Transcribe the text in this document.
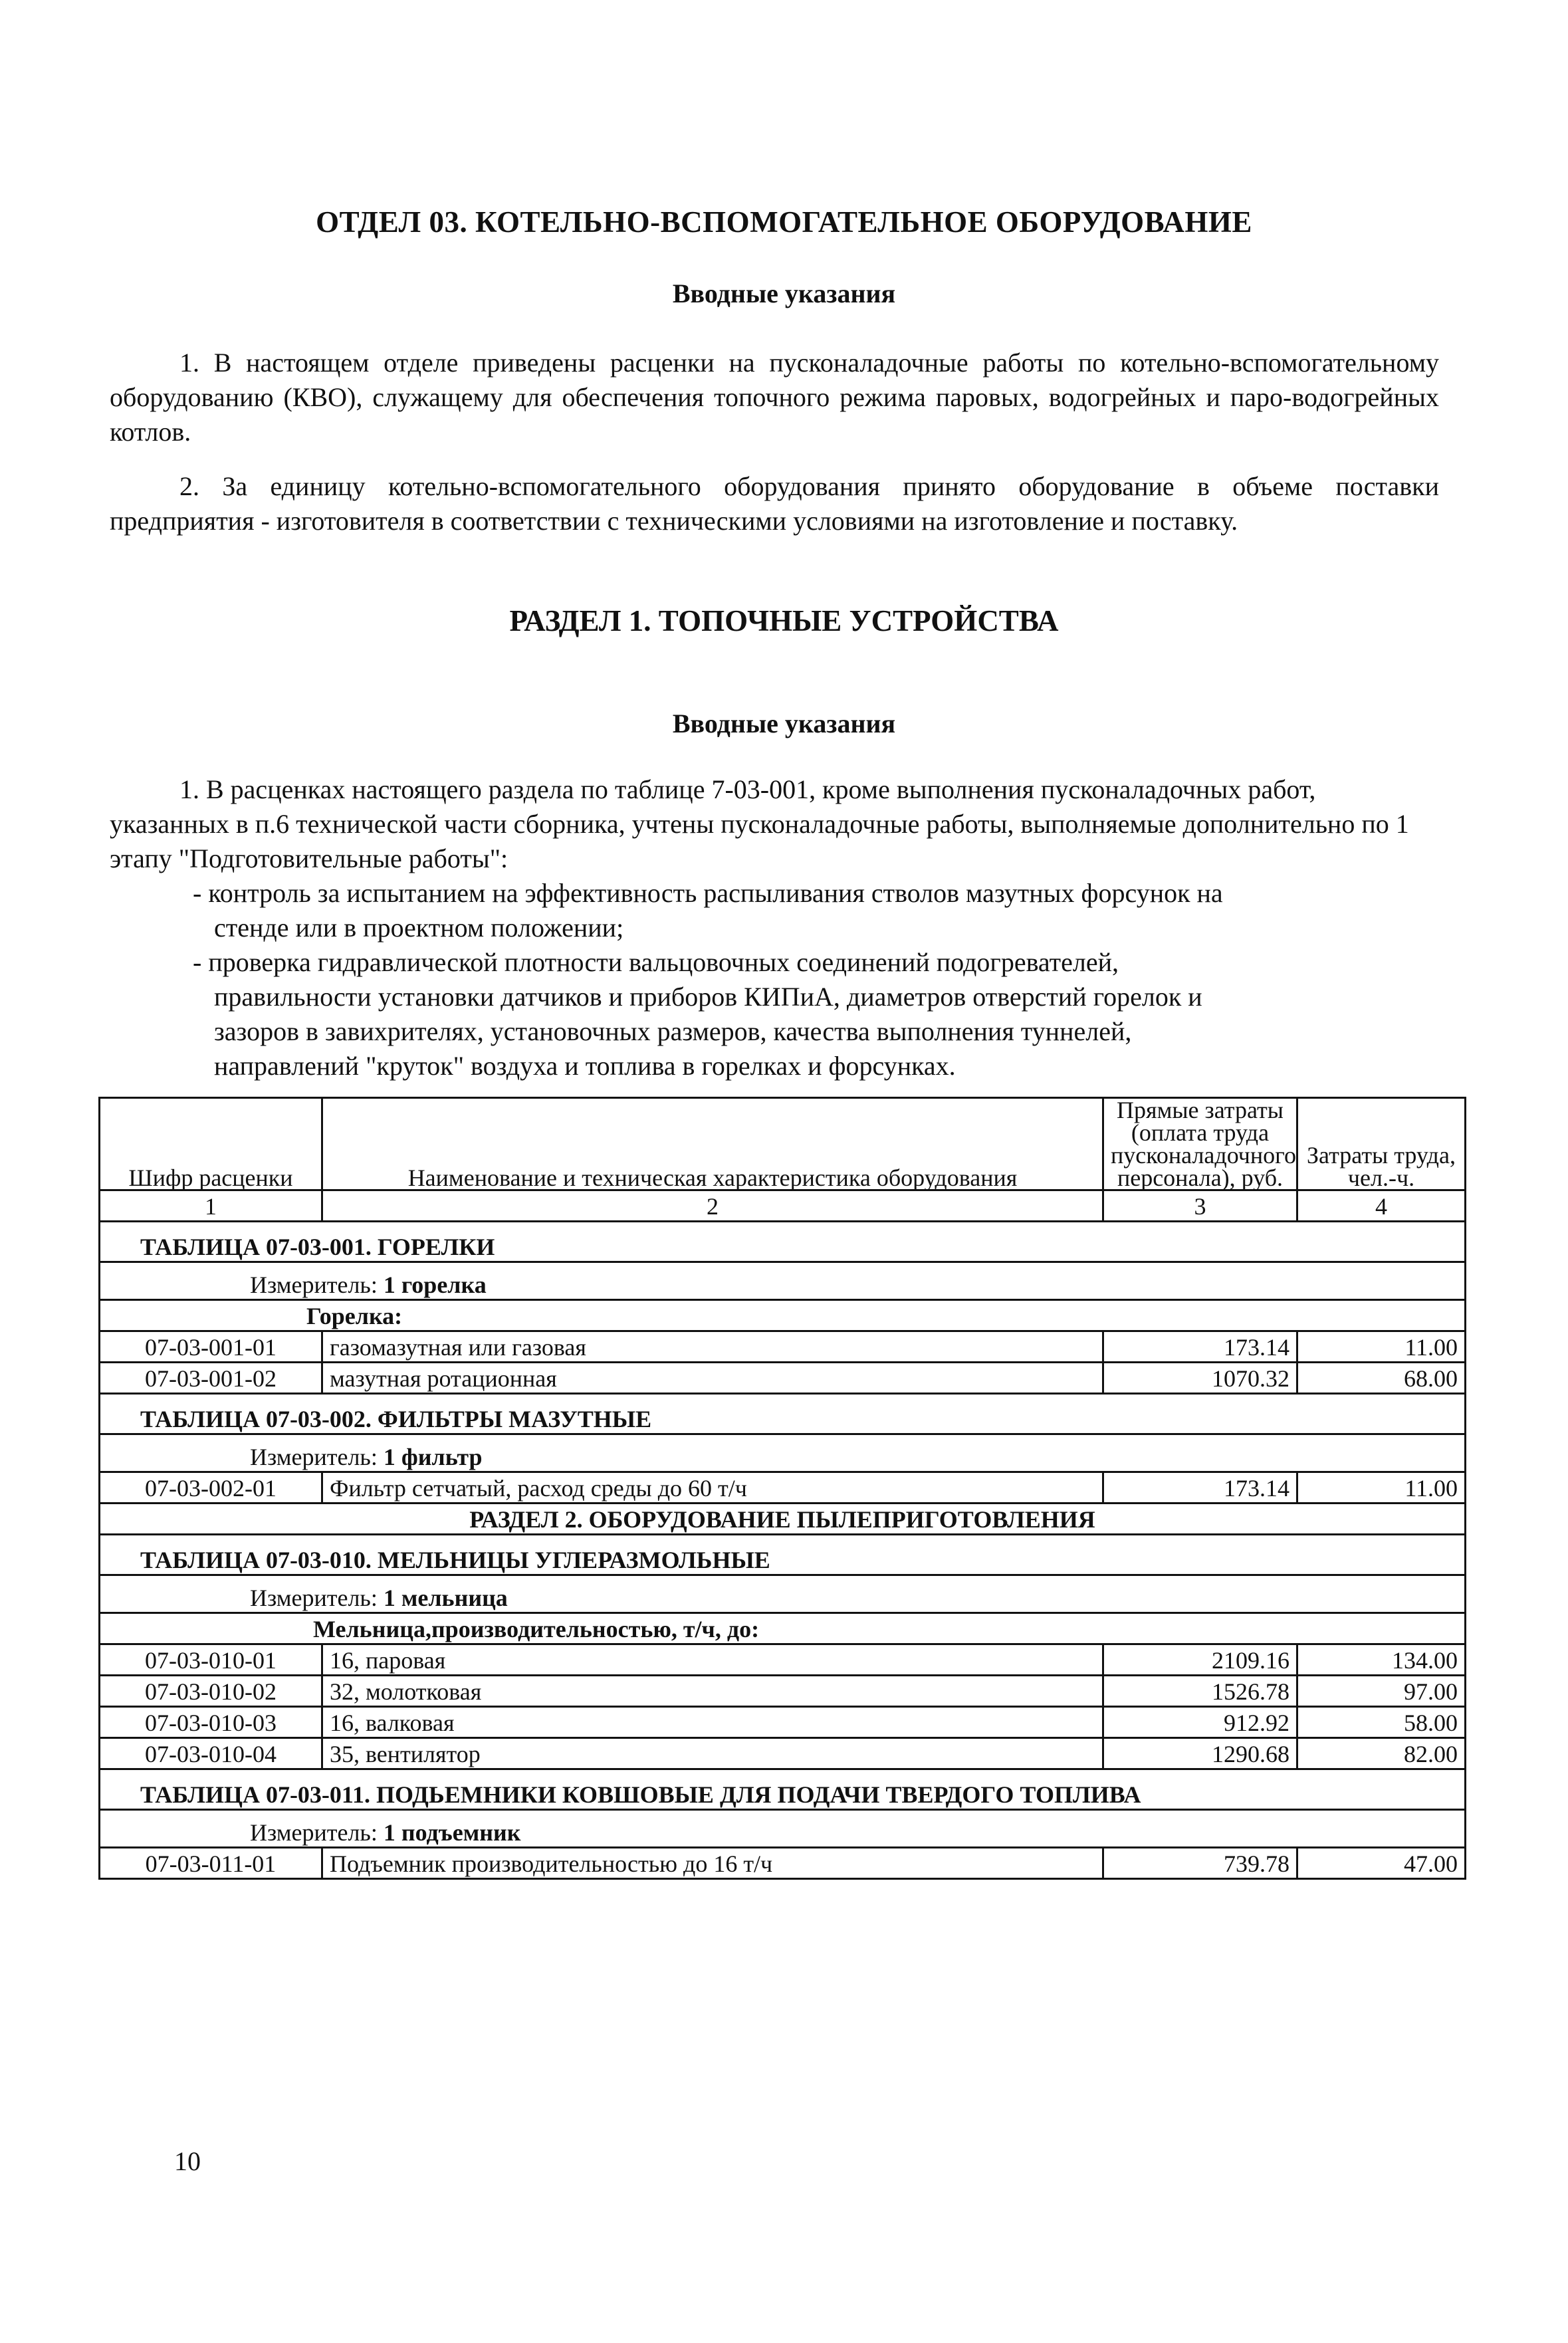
ОТДЕЛ 03. КОТЕЛЬНО-ВСПОМОГАТЕЛЬНОЕ ОБОРУДОВАНИЕ
Вводные указания
1. В настоящем отделе приведены расценки на пусконаладочные работы по котельно-вспомогательному оборудованию (КВО), служащему для обеспечения топочного режима паровых, водогрейных и паро-водогрейных котлов.
2. За единицу котельно-вспомогательного оборудования принято оборудование в объеме поставки предприятия - изготовителя в соответствии с техническими условиями на изготовление и поставку.
РАЗДЕЛ 1. ТОПОЧНЫЕ УСТРОЙСТВА
Вводные указания
1. В расценках настоящего раздела по таблице 7-03-001, кроме выполнения пусконаладочных работ, указанных в п.6 технической части сборника, учтены пусконаладочные работы, выполняемые дополнительно по 1 этапу "Подготовительные работы":
- контроль за испытанием на эффективность распыливания стволов мазутных форсунок на
стенде или в проектном положении;
- проверка гидравлической плотности вальцовочных соединений подогревателей,
правильности установки датчиков и приборов КИПиА, диаметров отверстий горелок и
зазоров в завихрителях, установочных размеров, качества выполнения туннелей,
направлений "круток" воздуха и топлива в горелках и форсунках.
Шифр расценки	Наименование и техническая характеристика оборудования	Прямые затраты (оплата труда пусконаладочного персонала), руб.	Затраты труда, чел.-ч.
1	2	3	4
ТАБЛИЦА 07-03-001. ГОРЕЛКИ			
Измеритель: 1 горелка			
Горелка:			
07-03-001-01	газомазутная или газовая	173.14	11.00
07-03-001-02	мазутная ротационная	1070.32	68.00
ТАБЛИЦА 07-03-002. ФИЛЬТРЫ МАЗУТНЫЕ			
Измеритель: 1 фильтр			
07-03-002-01	Фильтр сетчатый, расход среды до 60 т/ч	173.14	11.00
РАЗДЕЛ 2. ОБОРУДОВАНИЕ ПЫЛЕПРИГОТОВЛЕНИЯ			
ТАБЛИЦА 07-03-010. МЕЛЬНИЦЫ УГЛЕРАЗМОЛЬНЫЕ			
Измеритель: 1 мельница			
Мельница,производительностью, т/ч, до:			
07-03-010-01	16, паровая	2109.16	134.00
07-03-010-02	32, молотковая	1526.78	97.00
07-03-010-03	16, валковая	912.92	58.00
07-03-010-04	35, вентилятор	1290.68	82.00
ТАБЛИЦА 07-03-011. ПОДЬЕМНИКИ КОВШОВЫЕ ДЛЯ ПОДАЧИ ТВЕРДОГО ТОПЛИВА			
Измеритель: 1 подъемник			
07-03-011-01	Подъемник производительностью до 16 т/ч	739.78	47.00
10
